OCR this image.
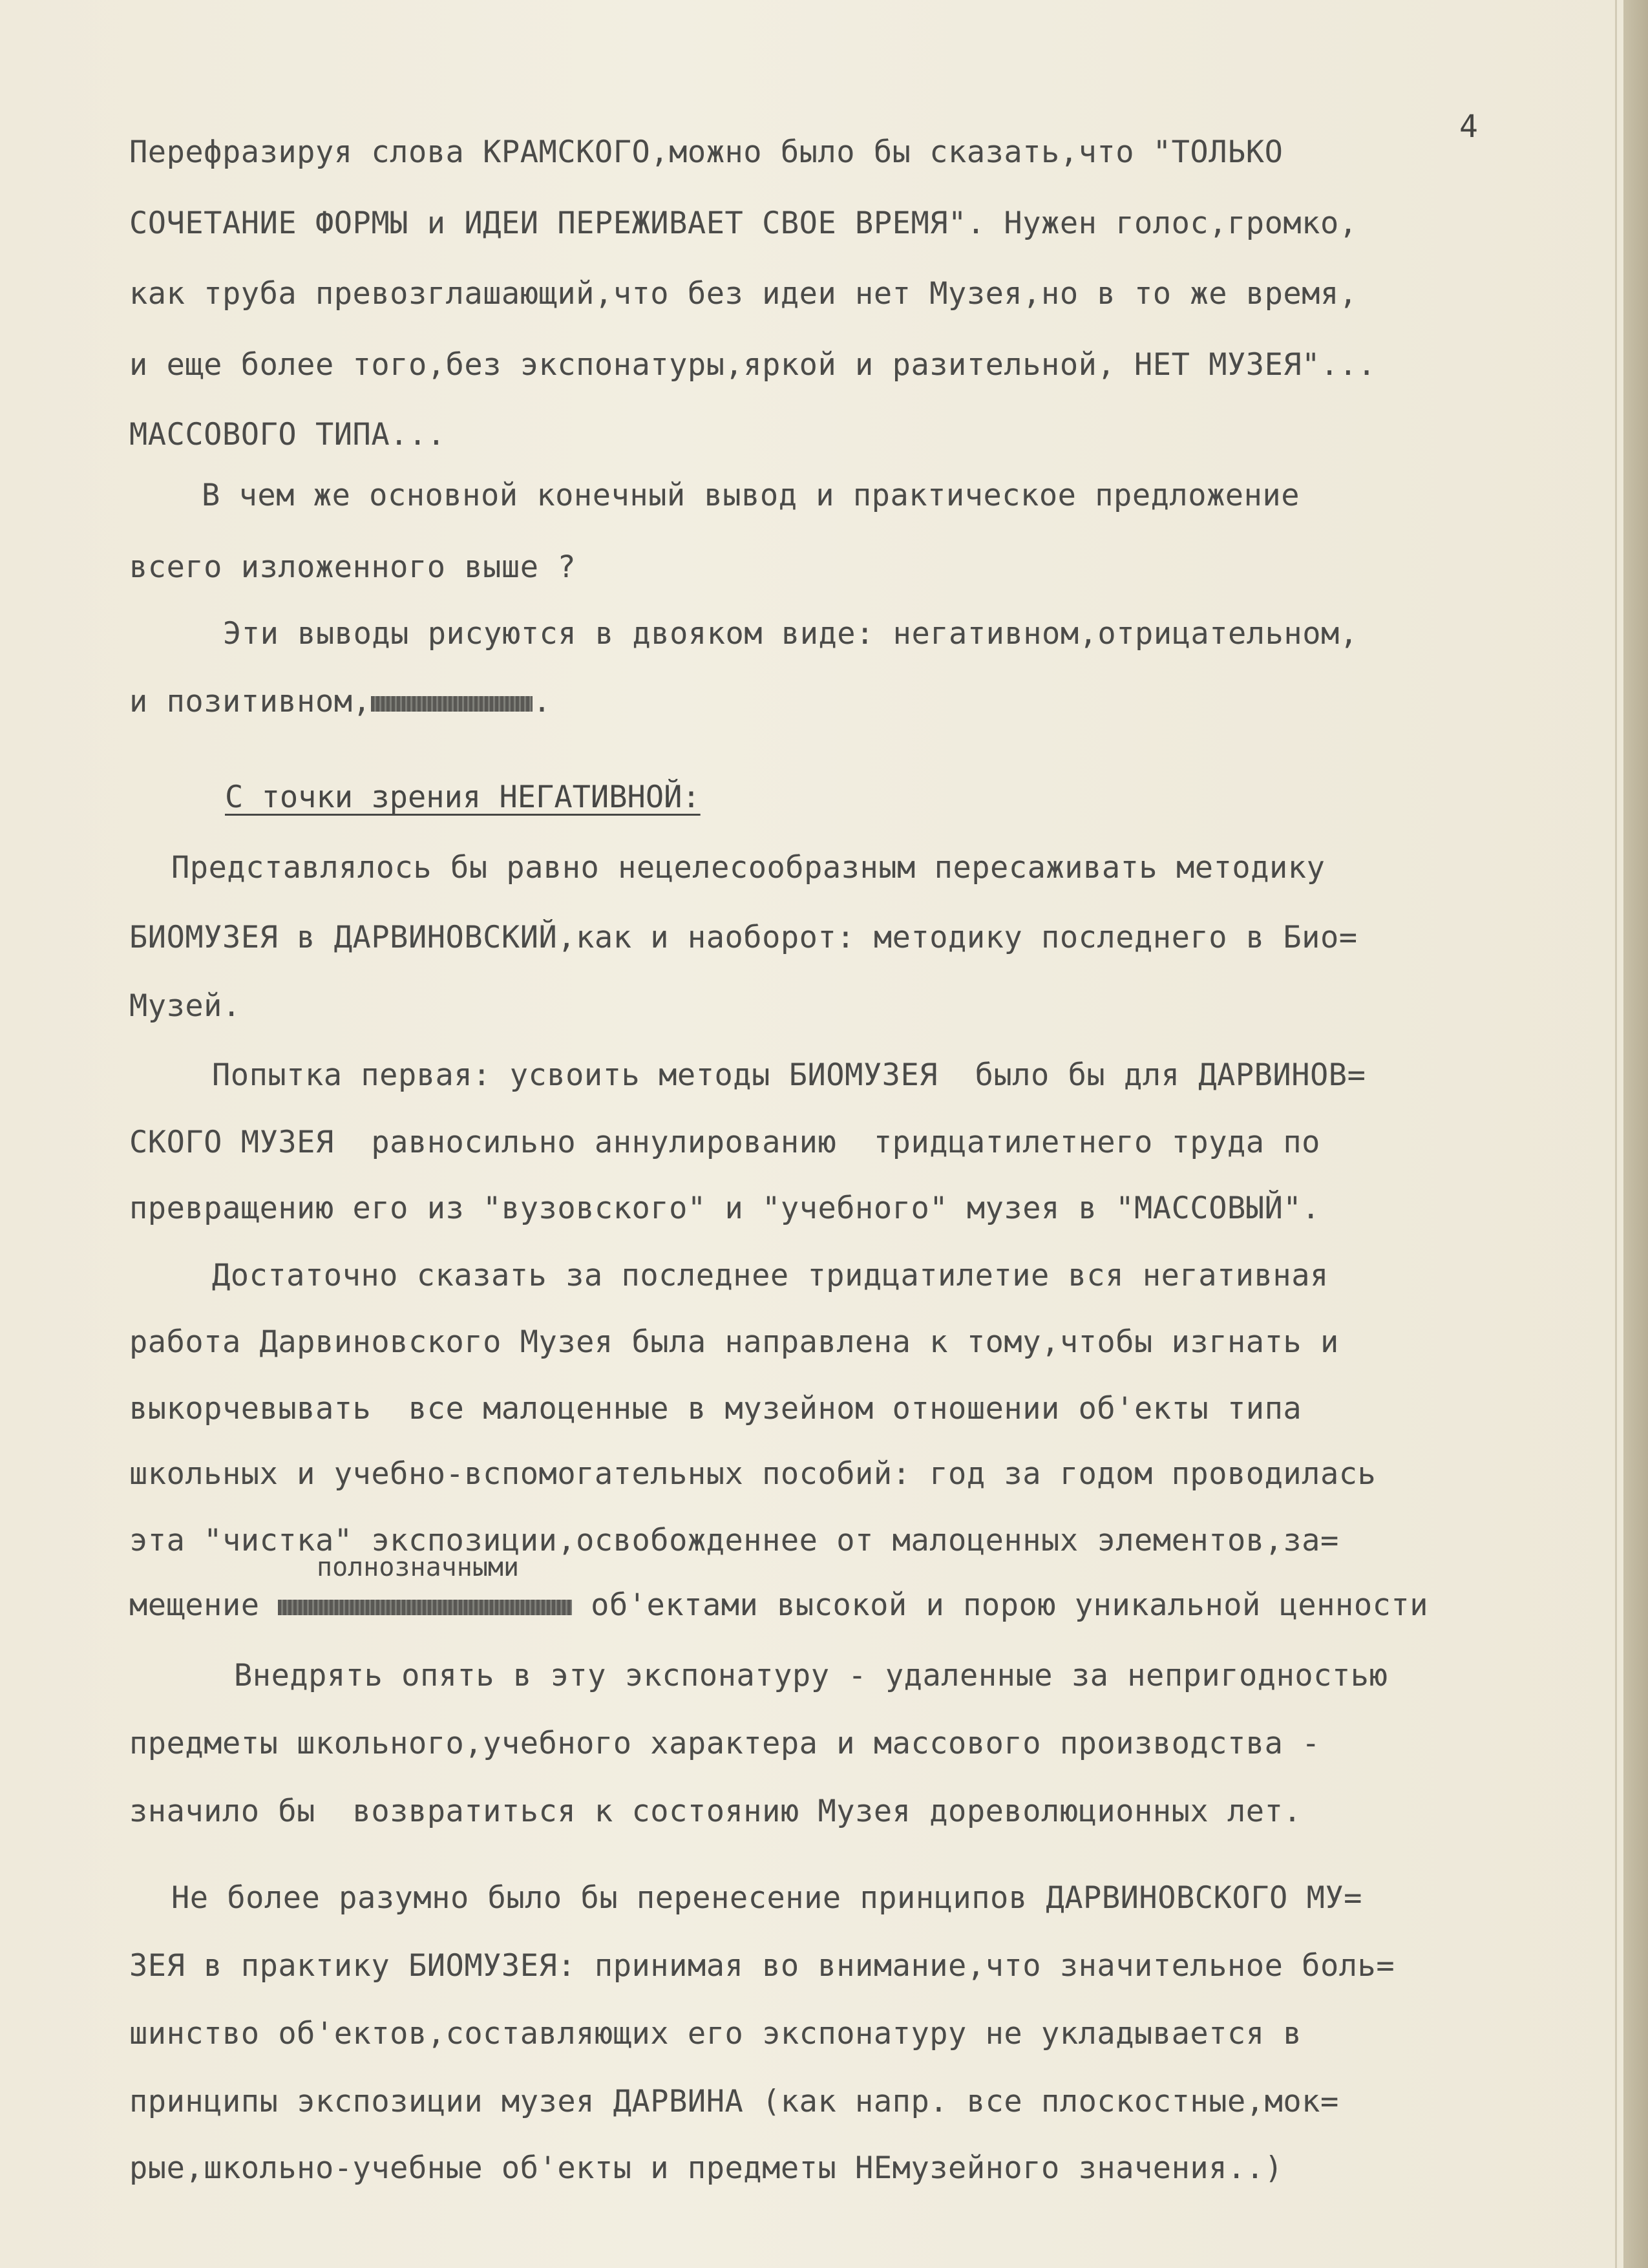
4
Перефразируя слова КРАМСКОГО,можно было бы сказать,что "ТОЛЬКО
СОЧЕТАНИЕ ФОРМЫ и ИДЕИ ПЕРЕЖИВАЕТ СВОЕ ВРЕМЯ". Нужен голос,громко,
как труба превозглашающий,что без идеи нет Музея,но в то же время,
и еще более того,без экспонатуры,яркой и разительной, НЕТ МУЗЕЯ"...
МАССОВОГО ТИПА...
В чем же основной конечный вывод и практическое предложение
всего изложенного выше ?
Эти выводы рисуются в двояком виде: негативном,отрицательном,
и позитивном,	.
С точки зрения НЕГАТИВНОЙ:
Представлялось бы равно нецелесообразным пересаживать методику
БИОМУЗЕЯ в ДАРВИНОВСКИЙ,как и наоборот: методику последнего в Био=
Музей.
Попытка первая: усвоить методы БИОМУЗЕЯ  было бы для ДАРВИНОВ=
СКОГО МУЗЕЯ  равносильно аннулированию  тридцатилетнего труда по
превращению его из "вузовского" и "учебного" музея в "МАССОВЫЙ".
Достаточно сказать за последнее тридцатилетие вся негативная
работа Дарвиновского Музея была направлена к тому,чтобы изгнать и
выкорчевывать  все малоценные в музейном отношении об'екты типа
школьных и учебно-вспомогательных пособий: год за годом проводилась
эта "чистка" экспозиции,освобожденнее от малоценных элементов,за=
полнозначными
мещение	об'ектами высокой и порою уникальной ценности
Внедрять опять в эту экспонатуру - удаленные за непригодностью
предметы школьного,учебного характера и массового производства -
значило бы  возвратиться к состоянию Музея дореволюционных лет.
Не более разумно было бы перенесение принципов ДАРВИНОВСКОГО МУ=
ЗЕЯ в практику БИОМУЗЕЯ: принимая во внимание,что значительное боль=
шинство об'ектов,составляющих его экспонатуру не укладывается в
принципы экспозиции музея ДАРВИНА (как напр. все плоскостные,мок=
рые,школьно-учебные об'екты и предметы НЕмузейного значения..)
